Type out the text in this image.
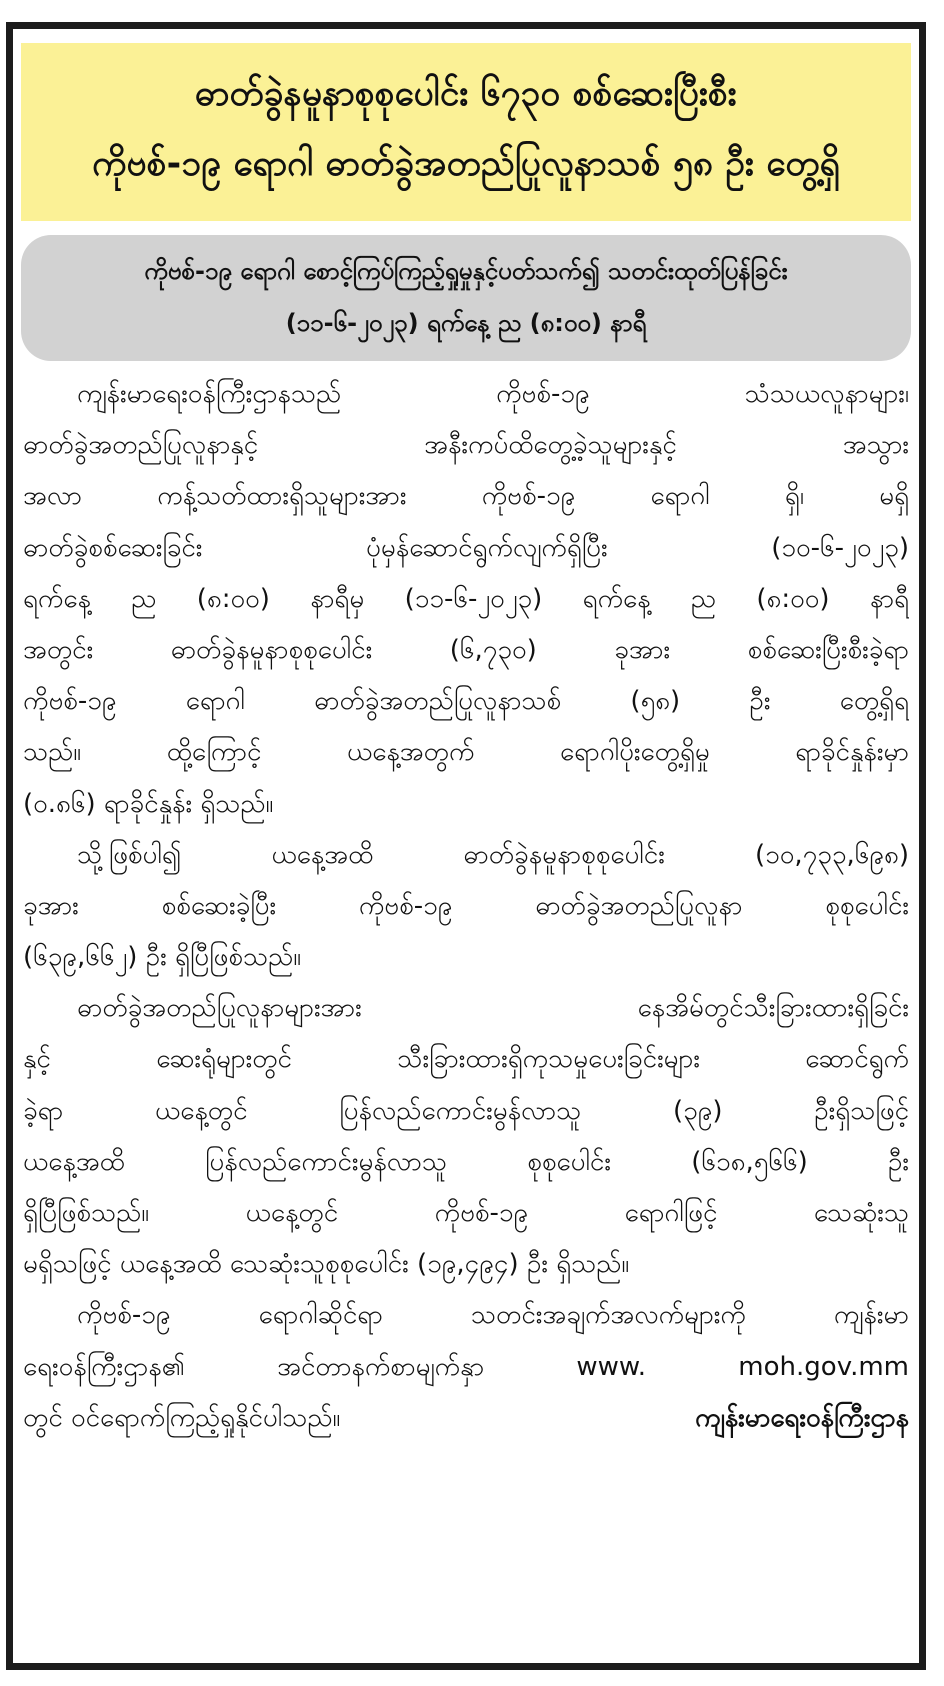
ဓာတ်ခွဲနမူနာစုစုပေါင်း ၆၇၃၀ စစ်ဆေးပြီးစီး
ကိုဗစ်-၁၉ ရောဂါ ဓာတ်ခွဲအတည်ပြုလူနာသစ် ၅၈ ဦး တွေ့ရှိ
ကိုဗစ်-၁၉ ရောဂါ စောင့်ကြပ်ကြည့်ရှုမှုနှင့်ပတ်သက်၍ သတင်းထုတ်ပြန်ခြင်း
(၁၁-၆-၂၀၂၃) ရက်နေ့ ည (၈:၀၀) နာရီ
ကျန်းမာရေးဝန်ကြီးဌာနသည် ကိုဗစ်-၁၉ သံသယလူနာများ၊
ဓာတ်ခွဲအတည်ပြုလူနာနှင့် အနီးကပ်ထိတွေ့ခဲ့သူများနှင့် အသွား
အလာ ကန့်သတ်ထားရှိသူများအား ကိုဗစ်-၁၉ ရောဂါ ရှိ၊ မရှိ
ဓာတ်ခွဲစစ်ဆေးခြင်း ပုံမှန်ဆောင်ရွက်လျက်ရှိပြီး (၁၀-၆-၂၀၂၃)
ရက်နေ့ ည (၈:၀၀) နာရီမှ (၁၁-၆-၂၀၂၃) ရက်နေ့ ည (၈:၀၀) နာရီ
အတွင်း ဓာတ်ခွဲနမူနာစုစုပေါင်း (၆,၇၃၀) ခုအား စစ်ဆေးပြီးစီးခဲ့ရာ
ကိုဗစ်-၁၉ ရောဂါ ဓာတ်ခွဲအတည်ပြုလူနာသစ် (၅၈) ဦး တွေ့ရှိရ
သည်။ ထို့ကြောင့် ယနေ့အတွက် ရောဂါပိုးတွေ့ရှိမှု ရာခိုင်နှုန်းမှာ
(၀.၈၆) ရာခိုင်နှုန်း ရှိသည်။
သို့ဖြစ်ပါ၍ ယနေ့အထိ ဓာတ်ခွဲနမူနာစုစုပေါင်း (၁၀,၇၃၃,၆၉၈)
ခုအား စစ်ဆေးခဲ့ပြီး ကိုဗစ်-၁၉ ဓာတ်ခွဲအတည်ပြုလူနာ စုစုပေါင်း
(၆၃၉,၆၆၂) ဦး ရှိပြီဖြစ်သည်။
ဓာတ်ခွဲအတည်ပြုလူနာများအား နေအိမ်တွင်သီးခြားထားရှိခြင်း
နှင့် ဆေးရုံများတွင် သီးခြားထားရှိကုသမှုပေးခြင်းများ ဆောင်ရွက်
ခဲ့ရာ ယနေ့တွင် ပြန်လည်ကောင်းမွန်လာသူ (၃၉) ဦးရှိသဖြင့်
ယနေ့အထိ ပြန်လည်ကောင်းမွန်လာသူ စုစုပေါင်း (၆၁၈,၅၆၆) ဦး
ရှိပြီဖြစ်သည်။ ယနေ့တွင် ကိုဗစ်-၁၉ ရောဂါဖြင့် သေဆုံးသူ
မရှိသဖြင့် ယနေ့အထိ သေဆုံးသူစုစုပေါင်း (၁၉,၄၉၄) ဦး ရှိသည်။
ကိုဗစ်-၁၉ ရောဂါဆိုင်ရာ သတင်းအချက်အလက်များကို ကျန်းမာ
ရေးဝန်ကြီးဌာန၏ အင်တာနက်စာမျက်နှာ www. moh.gov.mm
တွင် ဝင်ရောက်ကြည့်ရှုနိုင်ပါသည်။	ကျန်းမာရေးဝန်ကြီးဌာန
